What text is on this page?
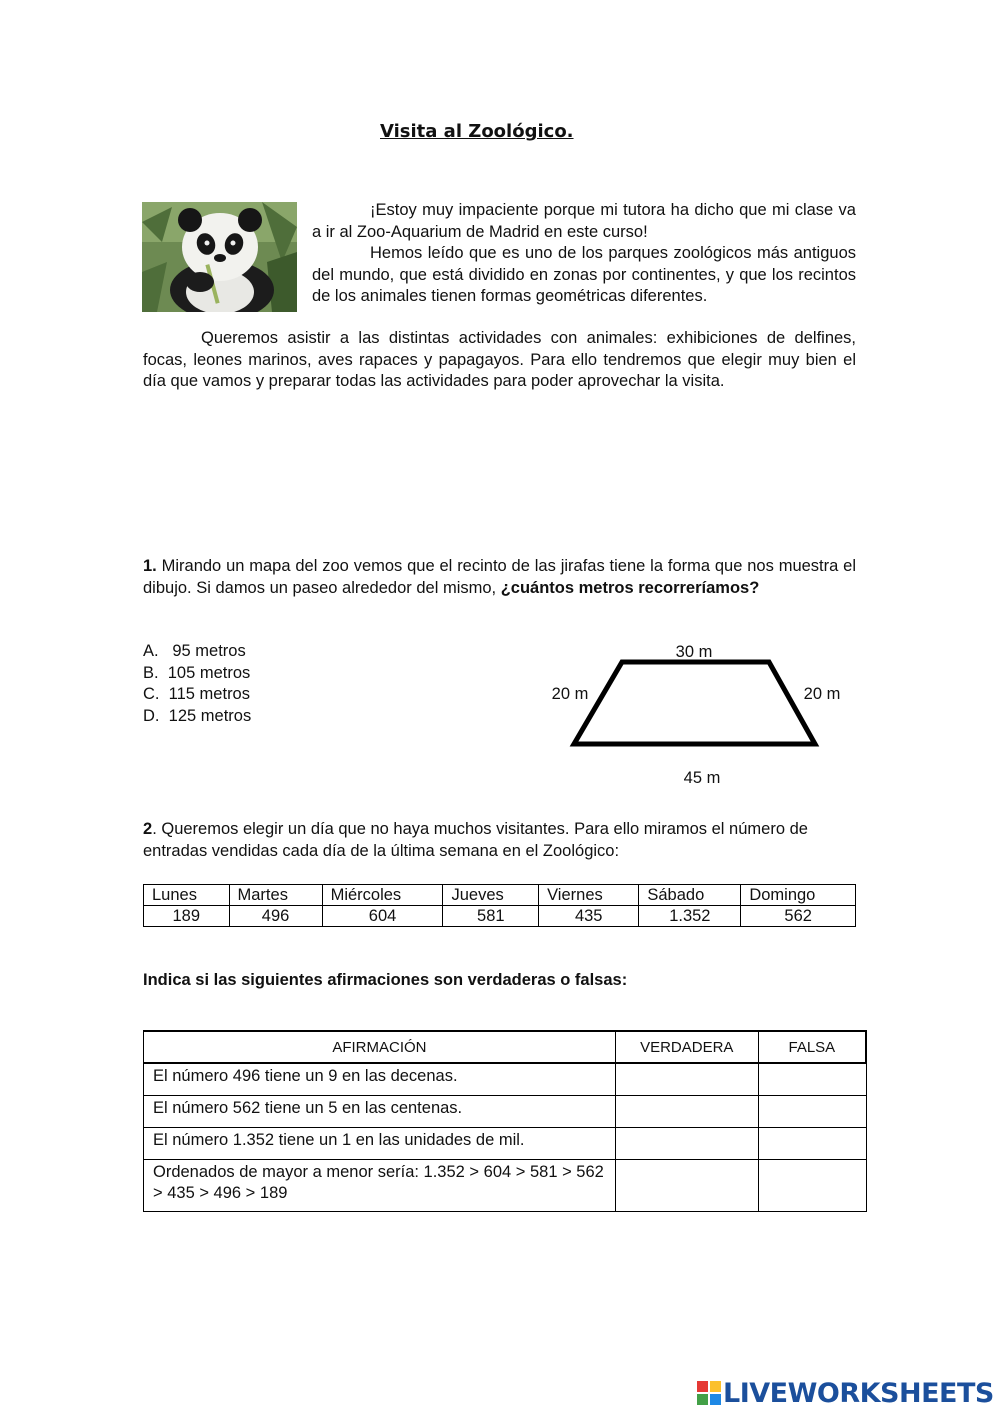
Visita al Zoológico.
¡Estoy muy impaciente porque mi tutora ha dicho que mi clase va a ir al Zoo-Aquarium de Madrid en este curso!
Hemos leído que es uno de los parques zoológicos más antiguos del mundo, que está dividido en zonas por continentes, y que los recintos de los animales tienen formas geométricas diferentes.
Queremos asistir a las distintas actividades con animales: exhibiciones de delfines, focas, leones marinos, aves rapaces y papagayos. Para ello tendremos que elegir muy bien el día que vamos y preparar todas las actividades para poder aprovechar la visita.
1. Mirando un mapa del zoo vemos que el recinto de las jirafas tiene la forma que nos muestra el dibujo. Si damos un paseo alrededor del mismo, ¿cuántos metros recorreríamos?
A.   95 metros
B.  105 metros
C.  115 metros
D.  125 metros
30 m
20 m	20 m
45 m
2. Queremos elegir un día que no haya muchos visitantes. Para ello miramos el número de entradas vendidas cada día de la última semana en el Zoológico:
Lunes	Martes	Miércoles	Jueves	Viernes	Sábado	Domingo
189	496	604	581	435	1.352	562
Indica si las siguientes afirmaciones son verdaderas o falsas:
AFIRMACIÓN	VERDADERA	FALSA
El número 496 tiene un 9 en las decenas.		
El número 562 tiene un 5 en las centenas.		
El número 1.352 tiene un 1 en las unidades de mil.		
Ordenados de mayor a menor sería: 1.352 > 604 > 581 > 562 > 435 > 496 > 189		
LIVEWORKSHEETS
